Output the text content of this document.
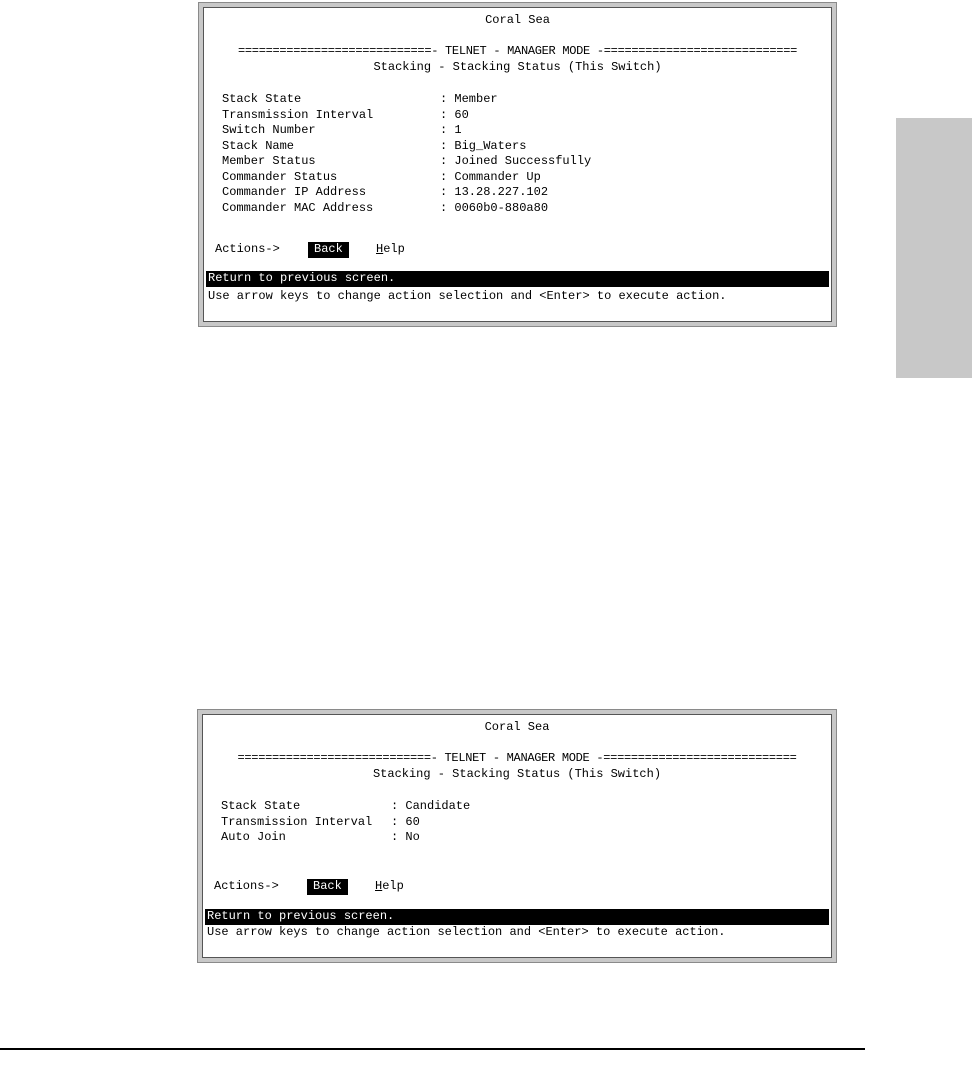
Coral Sea
============================- TELNET - MANAGER MODE -============================
Stacking - Stacking Status (This Switch)
Stack State	: Member
Transmission Interval	: 60
Switch Number	: 1
Stack Name	: Big_Waters
Member Status	: Joined Successfully
Commander Status	: Commander Up
Commander IP Address	: 13.28.227.102
Commander MAC Address	: 0060b0-880a80
Actions->	Back	Help
Return to previous screen.
Use arrow keys to change action selection and <Enter> to execute action.
Coral Sea
============================- TELNET - MANAGER MODE -============================
Stacking - Stacking Status (This Switch)
Stack State	: Candidate
Transmission Interval : 60
Auto Join	: No
Actions->	Back	Help
Return to previous screen.
Use arrow keys to change action selection and <Enter> to execute action.
